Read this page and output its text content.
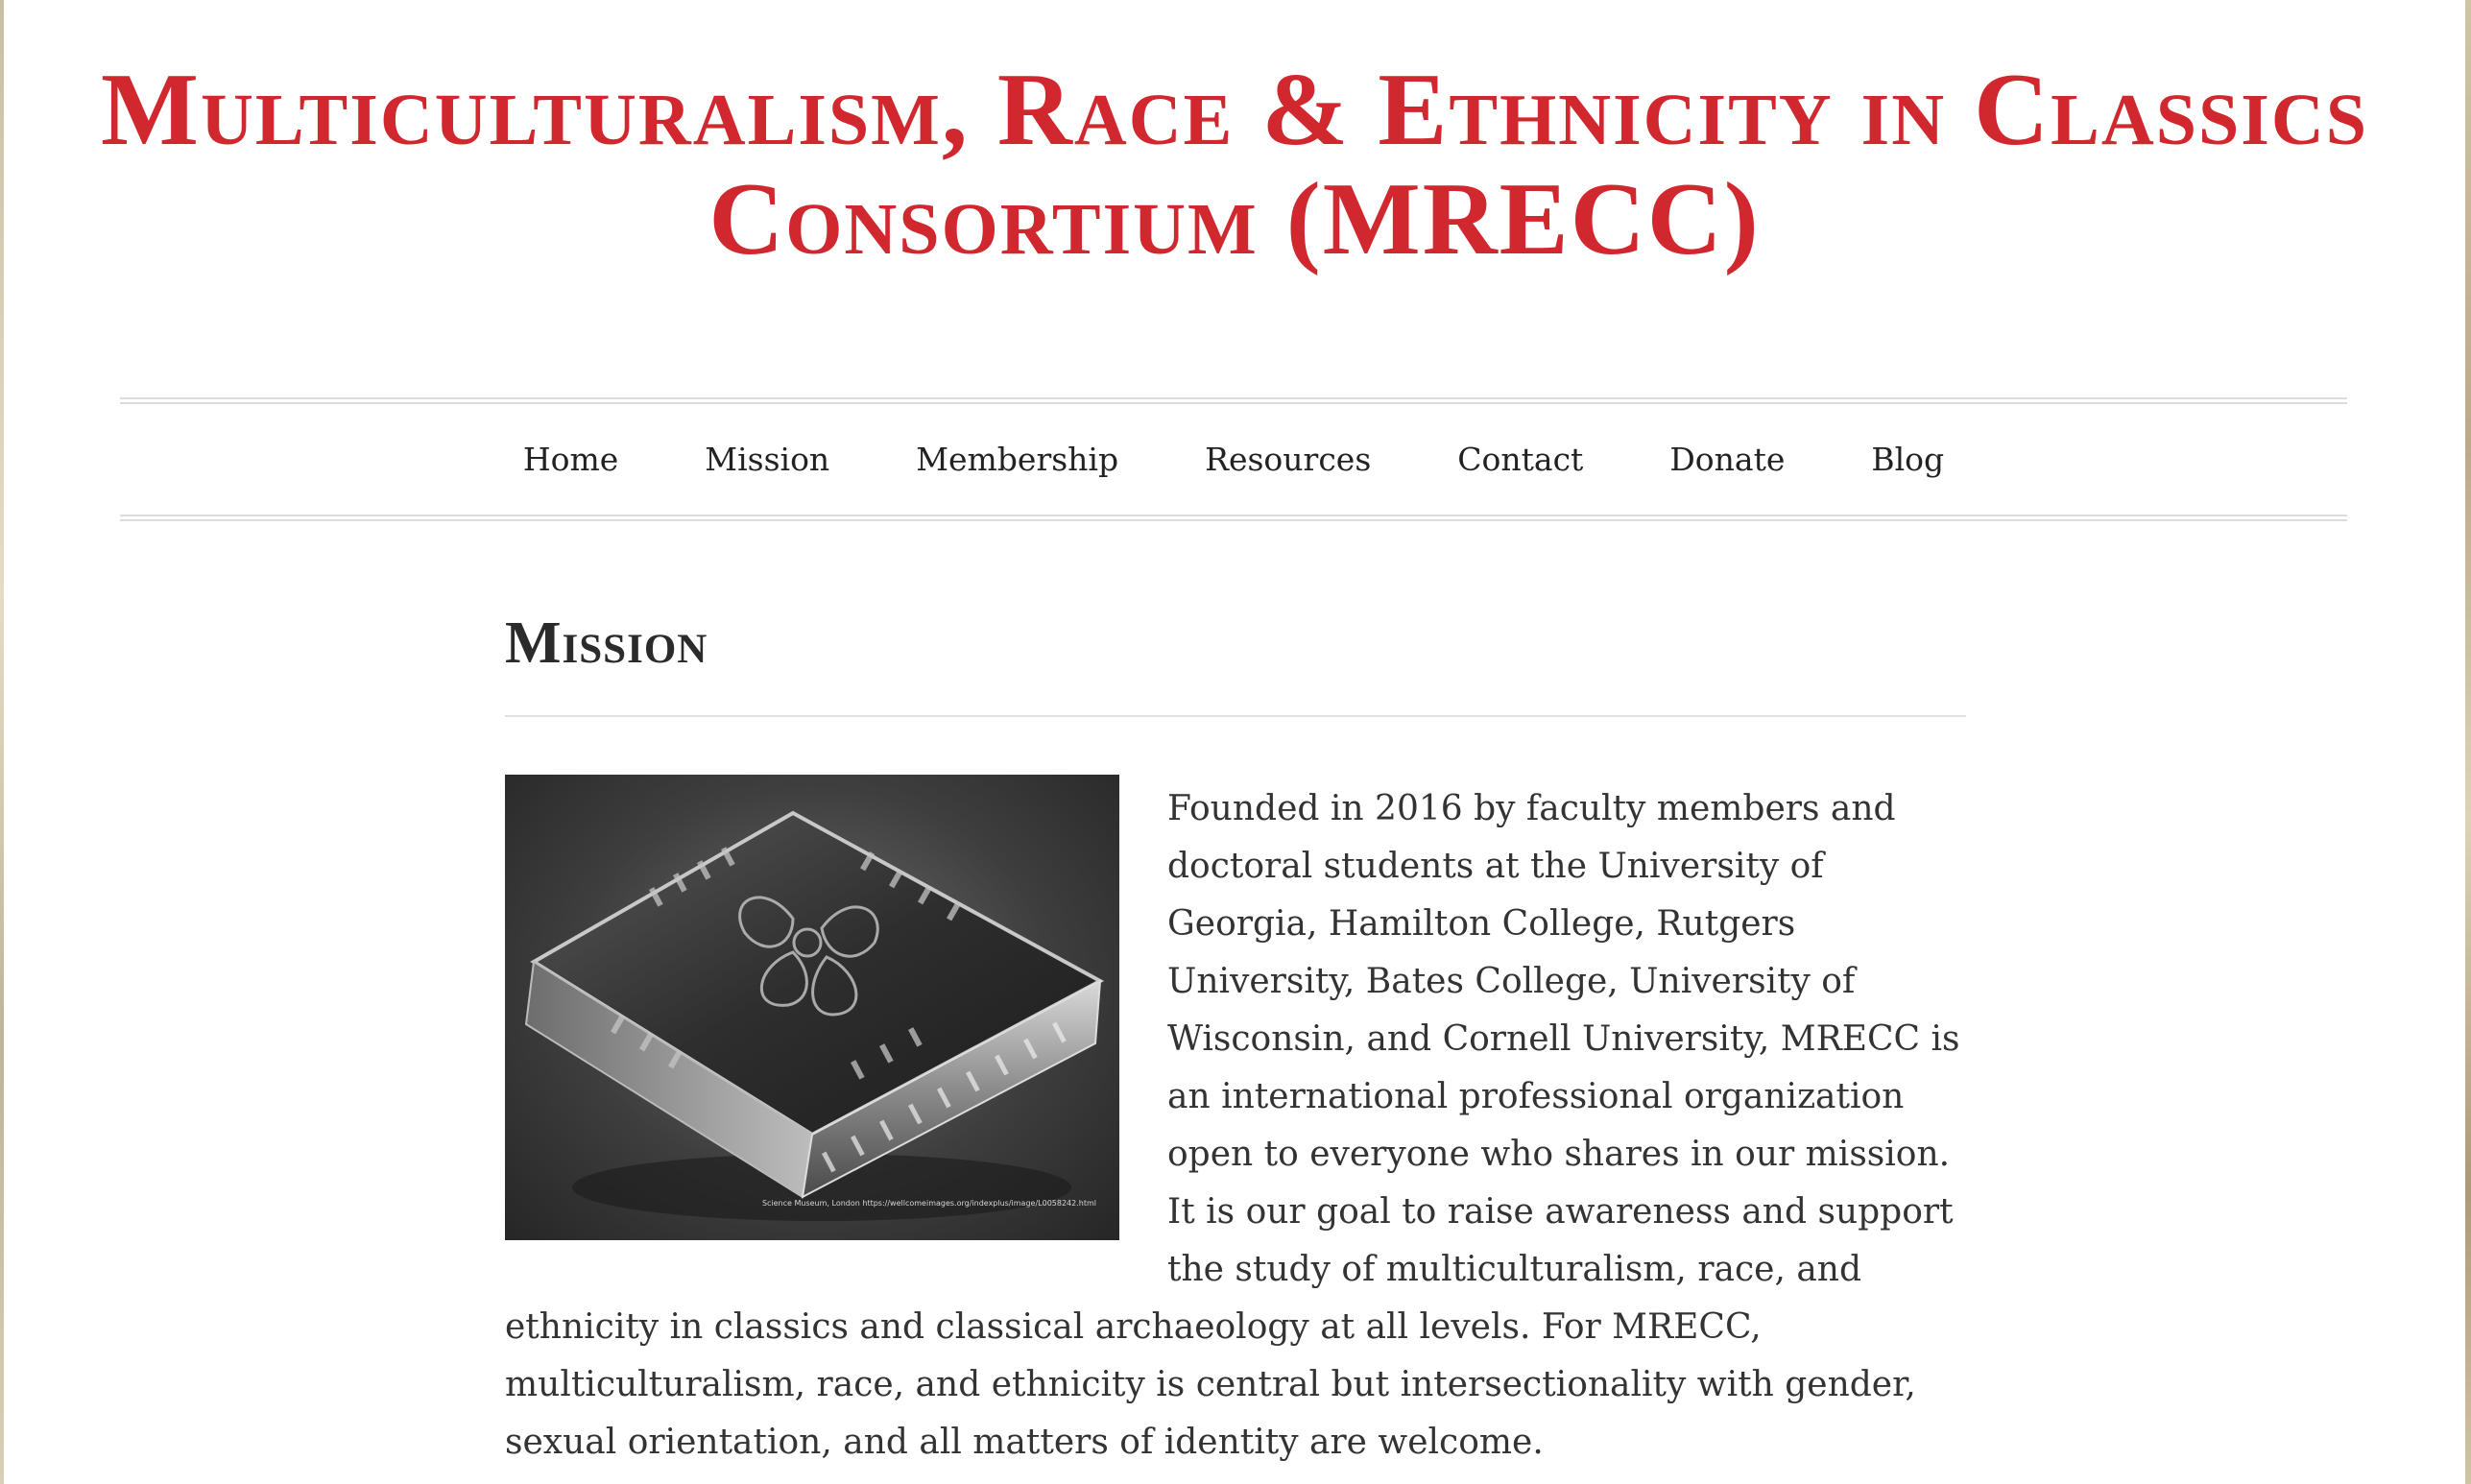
Multiculturalism, Race & Ethnicity in Classics Consortium (MRECC)
Home	Mission	Membership	Resources	Contact	Donate	Blog
Mission
Science Museum, London https://wellcomeimages.org/indexplus/image/L0058242.html

Founded in 2016 by faculty members and doctoral students at the University of Georgia, Hamilton College, Rutgers University, Bates College, University of Wisconsin, and Cornell University, MRECC is an international professional organization open to everyone who shares in our mission. It is our goal to raise awareness and support the study of multiculturalism, race, and ethnicity in classics and classical archaeology at all levels. For MRECC, multiculturalism, race, and ethnicity is central but intersectionality with gender, sexual orientation, and all matters of identity are welcome.
